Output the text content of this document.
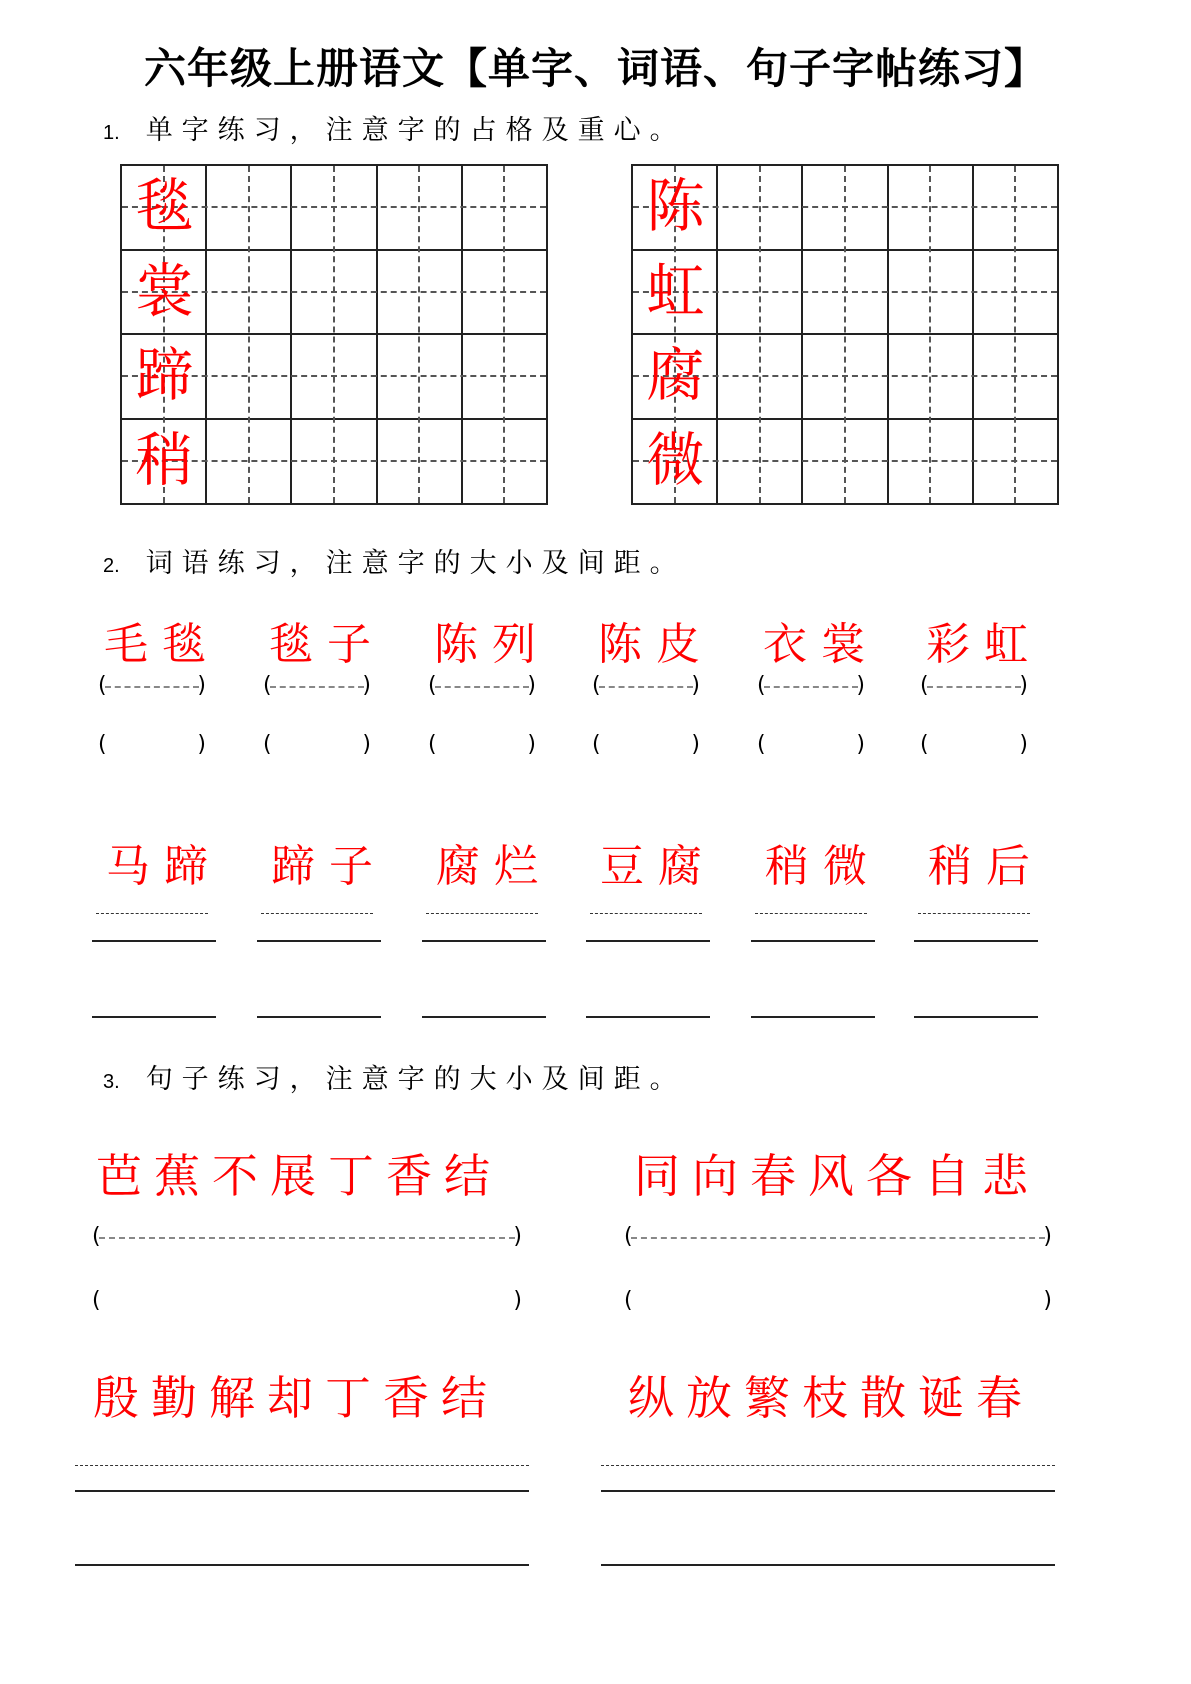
六年级上册语文【单字、词语、句子字帖练习】
1. 单字练习，注意字的占格及重心。
毯
裳
蹄
稍
陈
虹
腐
微
2. 词语练习，注意字的大小及间距。
毛毯
(	)
(	)
毯子
(	)
(	)
陈列
(	)
(	)
陈皮
(	)
(	)
衣裳
(	)
(	)
彩虹
(	)
(	)
马蹄 蹄子 腐烂 豆腐 稍微 稍后
3. 句子练习，注意字的大小及间距。
芭蕉不展丁香结	同向春风各自悲
(	)	(	)
(	)	(	)
殷勤解却丁香结	纵放繁枝散诞春
